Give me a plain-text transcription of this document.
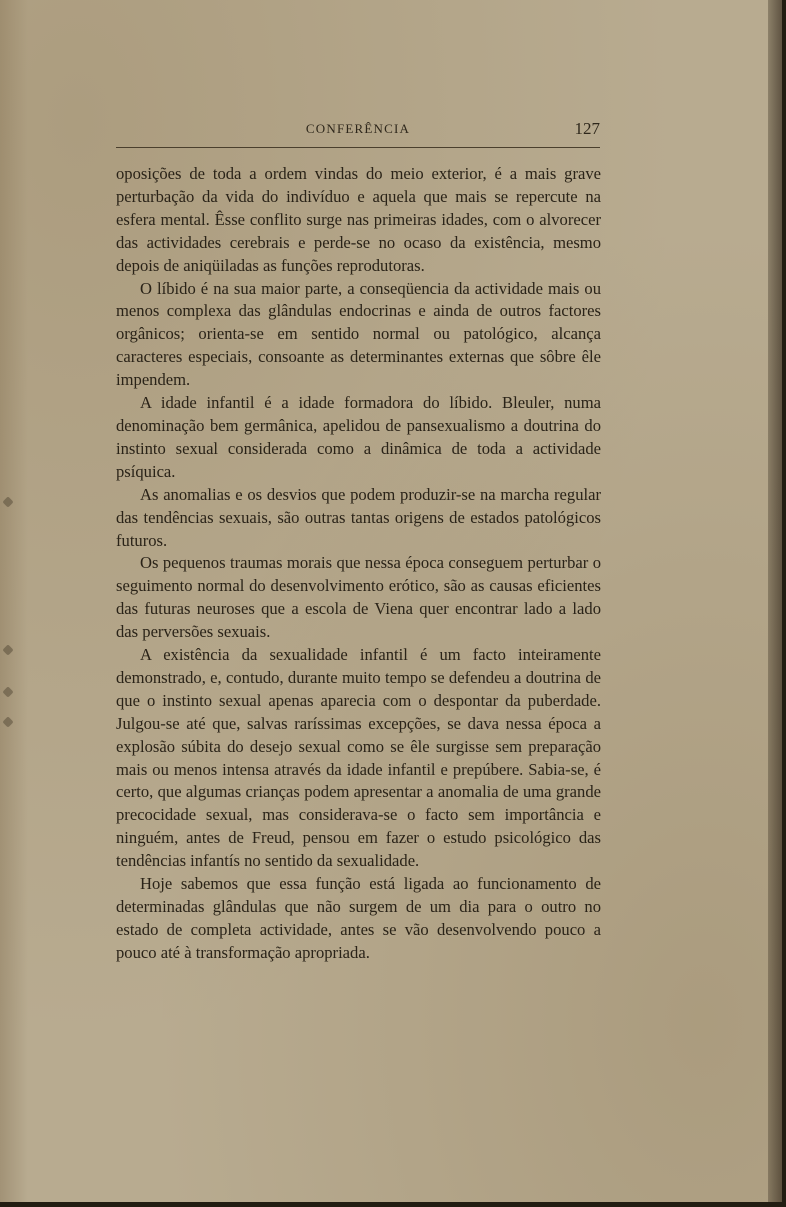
CONFERÊNCIA	127

oposições de toda a ordem vindas do meio exterior, é a mais grave perturbação da vida do indivíduo e aquela que mais se repercute na esfera mental. Êsse conflito surge nas primeiras idades, com o alvorecer das actividades cerebrais e perde-se no ocaso da existência, mesmo depois de aniqüiladas as funções reprodutoras.

O líbido é na sua maior parte, a conseqüencia da actividade mais ou menos complexa das glândulas endocrinas e ainda de outros factores orgânicos; orienta-se em sentido normal ou patológico, alcança caracteres especiais, consoante as determinantes externas que sôbre êle impendem.

A idade infantil é a idade formadora do líbido. Bleuler, numa denominação bem germânica, apelidou de pansexualismo a doutrina do instinto sexual considerada como a dinâmica de toda a actividade psíquica.

As anomalias e os desvios que podem produzir-se na marcha regular das tendências sexuais, são outras tantas origens de estados patológicos futuros.

Os pequenos traumas morais que nessa época conseguem perturbar o seguimento normal do desenvolvimento erótico, são as causas eficientes das futuras neuroses que a escola de Viena quer encontrar lado a lado das perversões sexuais.

A existência da sexualidade infantil é um facto inteiramente demonstrado, e, contudo, durante muito tempo se defendeu a doutrina de que o instinto sexual apenas aparecia com o despontar da puberdade. Julgou-se até que, salvas raríssimas excepções, se dava nessa época a explosão súbita do desejo sexual como se êle surgisse sem preparação mais ou menos intensa através da idade infantil e prepúbere. Sabia-se, é certo, que algumas crianças podem apresentar a anomalia de uma grande precocidade sexual, mas considerava-se o facto sem importância e ninguém, antes de Freud, pensou em fazer o estudo psicológico das tendências infantís no sentido da sexualidade.

Hoje sabemos que essa função está ligada ao funcionamento de determinadas glândulas que não surgem de um dia para o outro no estado de completa actividade, antes se vão desenvolvendo pouco a pouco até à transformação apropriada.
